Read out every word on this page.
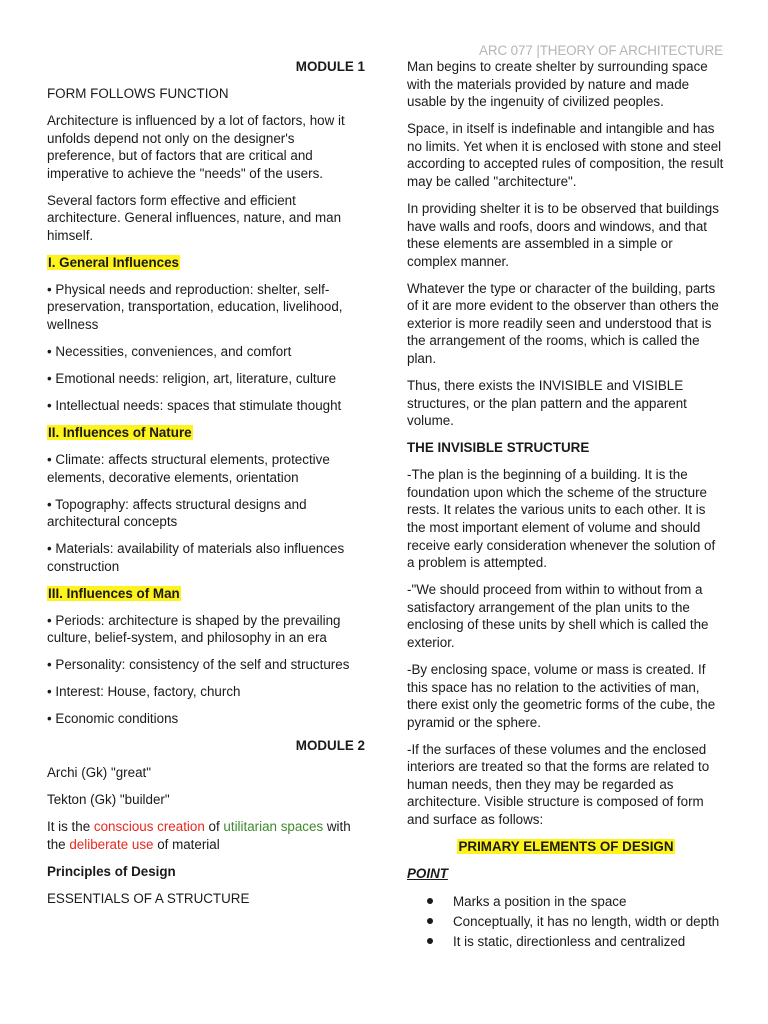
ARC 077 |THEORY OF ARCHITECTURE

MODULE 1

FORM FOLLOWS FUNCTION

Architecture is influenced by a lot of factors, how it unfolds depend not only on the designer's preference, but of factors that are critical and imperative to achieve the "needs" of the users.

Several factors form effective and efficient architecture. General influences, nature, and man himself.

I. General Influences

• Physical needs and reproduction: shelter, self-preservation, transportation, education, livelihood, wellness

• Necessities, conveniences, and comfort

• Emotional needs: religion, art, literature, culture

• Intellectual needs: spaces that stimulate thought

II. Influences of Nature

• Climate: affects structural elements, protective elements, decorative elements, orientation

• Topography: affects structural designs and architectural concepts

• Materials: availability of materials also influences construction

III. Influences of Man

• Periods: architecture is shaped by the prevailing culture, belief-system, and philosophy in an era

• Personality: consistency of the self and structures

• Interest: House, factory, church

• Economic conditions

MODULE 2

Archi (Gk) "great"

Tekton (Gk) "builder"

It is the conscious creation of utilitarian spaces with the deliberate use of material

Principles of Design

ESSENTIALS OF A STRUCTURE

Man begins to create shelter by surrounding space with the materials provided by nature and made usable by the ingenuity of civilized peoples.

Space, in itself is indefinable and intangible and has no limits. Yet when it is enclosed with stone and steel according to accepted rules of composition, the result may be called "architecture".

In providing shelter it is to be observed that buildings have walls and roofs, doors and windows, and that these elements are assembled in a simple or complex manner.

Whatever the type or character of the building, parts of it are more evident to the observer than others the exterior is more readily seen and understood that is the arrangement of the rooms, which is called the plan.

Thus, there exists the INVISIBLE and VISIBLE structures, or the plan pattern and the apparent volume.

THE INVISIBLE STRUCTURE

-The plan is the beginning of a building. It is the foundation upon which the scheme of the structure rests. It relates the various units to each other. It is the most important element of volume and should receive early consideration whenever the solution of a problem is attempted.

-"We should proceed from within to without from a satisfactory arrangement of the plan units to the enclosing of these units by shell which is called the exterior.

-By enclosing space, volume or mass is created. If this space has no relation to the activities of man, there exist only the geometric forms of the cube, the pyramid or the sphere.

-If the surfaces of these volumes and the enclosed interiors are treated so that the forms are related to human needs, then they may be regarded as architecture. Visible structure is composed of form and surface as follows:

PRIMARY ELEMENTS OF DESIGN

POINT

Marks a position in the space
Conceptually, it has no length, width or depth
It is static, directionless and centralized
